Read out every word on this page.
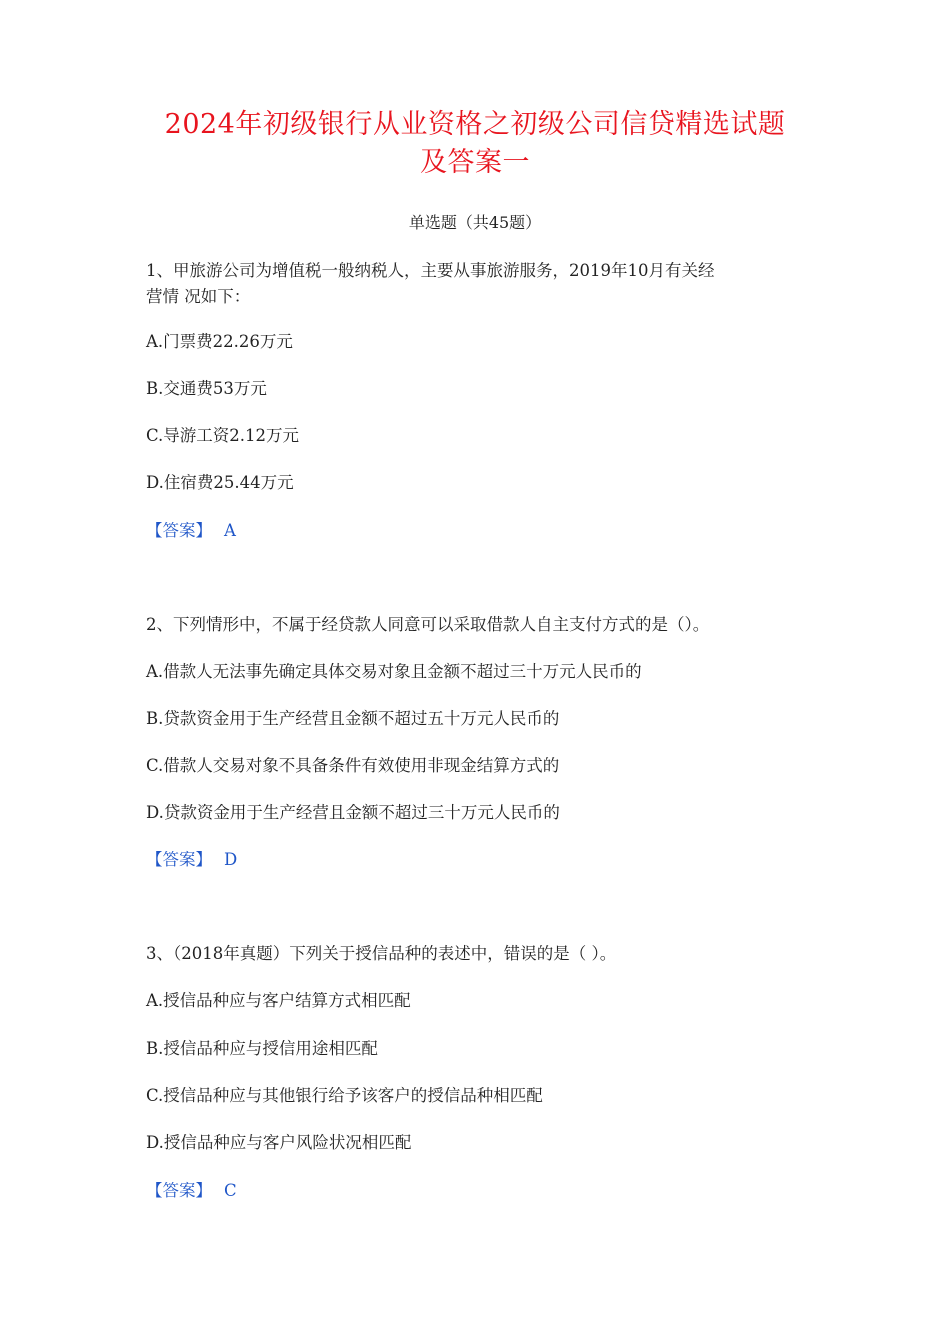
2024年初级银行从业资格之初级公司信贷精选试题
及答案一
单选题（共45题）
1、甲旅游公司为增值税一般纳税人，主要从事旅游服务，2019年10月有关经
营情 况如下：
A.门票费22.26万元
B.交通费53万元
C.导游工资2.12万元
D.住宿费25.44万元
【答案】 A
2、下列情形中，不属于经贷款人同意可以采取借款人自主支付方式的是（）。
A.借款人无法事先确定具体交易对象且金额不超过三十万元人民币的
B.贷款资金用于生产经营且金额不超过五十万元人民币的
C.借款人交易对象不具备条件有效使用非现金结算方式的
D.贷款资金用于生产经营且金额不超过三十万元人民币的
【答案】 D
3、（2018年真题）下列关于授信品种的表述中，错误的是（ ）。
A.授信品种应与客户结算方式相匹配
B.授信品种应与授信用途相匹配
C.授信品种应与其他银行给予该客户的授信品种相匹配
D.授信品种应与客户风险状况相匹配
【答案】 C
